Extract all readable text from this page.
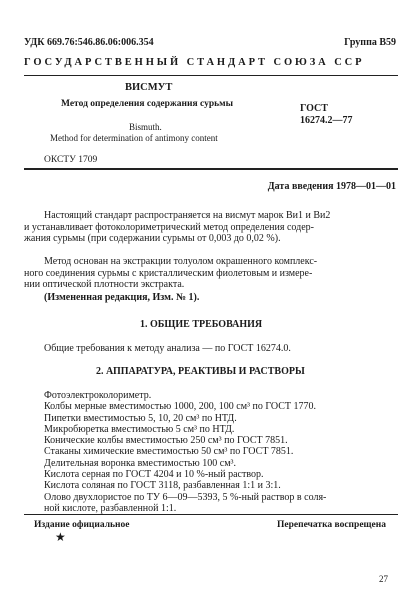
УДК 669.76:546.86.06:006.354	Группа В59
ГОСУДАРСТВЕННЫЙ СТАНДАРТ СОЮЗА ССР
ВИСМУТ
Метод определения содержания сурьмы	ГОСТ
16274.2—77
Bismuth.
Method for determination of antimony content
ОКСТУ 1709
Дата введения 1978—01—01
Настоящий стандарт распространяется на висмут марок Ви1 и Ви2
и устанавливает фотоколориметрический метод определения содер-
жания сурьмы (при содержании сурьмы от 0,003 до 0,02 %).
Метод основан на экстракции толуолом окрашенного комплекс-
ного соединения сурьмы с кристаллическим фиолетовым и измере-
нии оптической плотности экстракта.
(Измененная редакция, Изм. № 1).
1. ОБЩИЕ ТРЕБОВАНИЯ
Общие требования к методу анализа — по ГОСТ 16274.0.
2. АППАРАТУРА, РЕАКТИВЫ И РАСТВОРЫ
Фотоэлектроколориметр.
Колбы мерные вместимостью 1000, 200, 100 см³ по ГОСТ 1770.
Пипетки вместимостью 5, 10, 20 см³ по НТД.
Микробюретка вместимостью 5 см³ по НТД.
Конические колбы вместимостью 250 см³ по ГОСТ 7851.
Стаканы химические вместимостью 50 см³ по ГОСТ 7851.
Делительная воронка вместимостью 100 см³.
Кислота серная по ГОСТ 4204 и 10 %-ный раствор.
Кислота соляная по ГОСТ 3118, разбавленная 1:1 и 3:1.
Олово двухлористое по ТУ 6—09—5393, 5 %-ный раствор в соля-
ной кислоте, разбавленной 1:1.
Издание официальное
★
Перепечатка воспрещена
27
